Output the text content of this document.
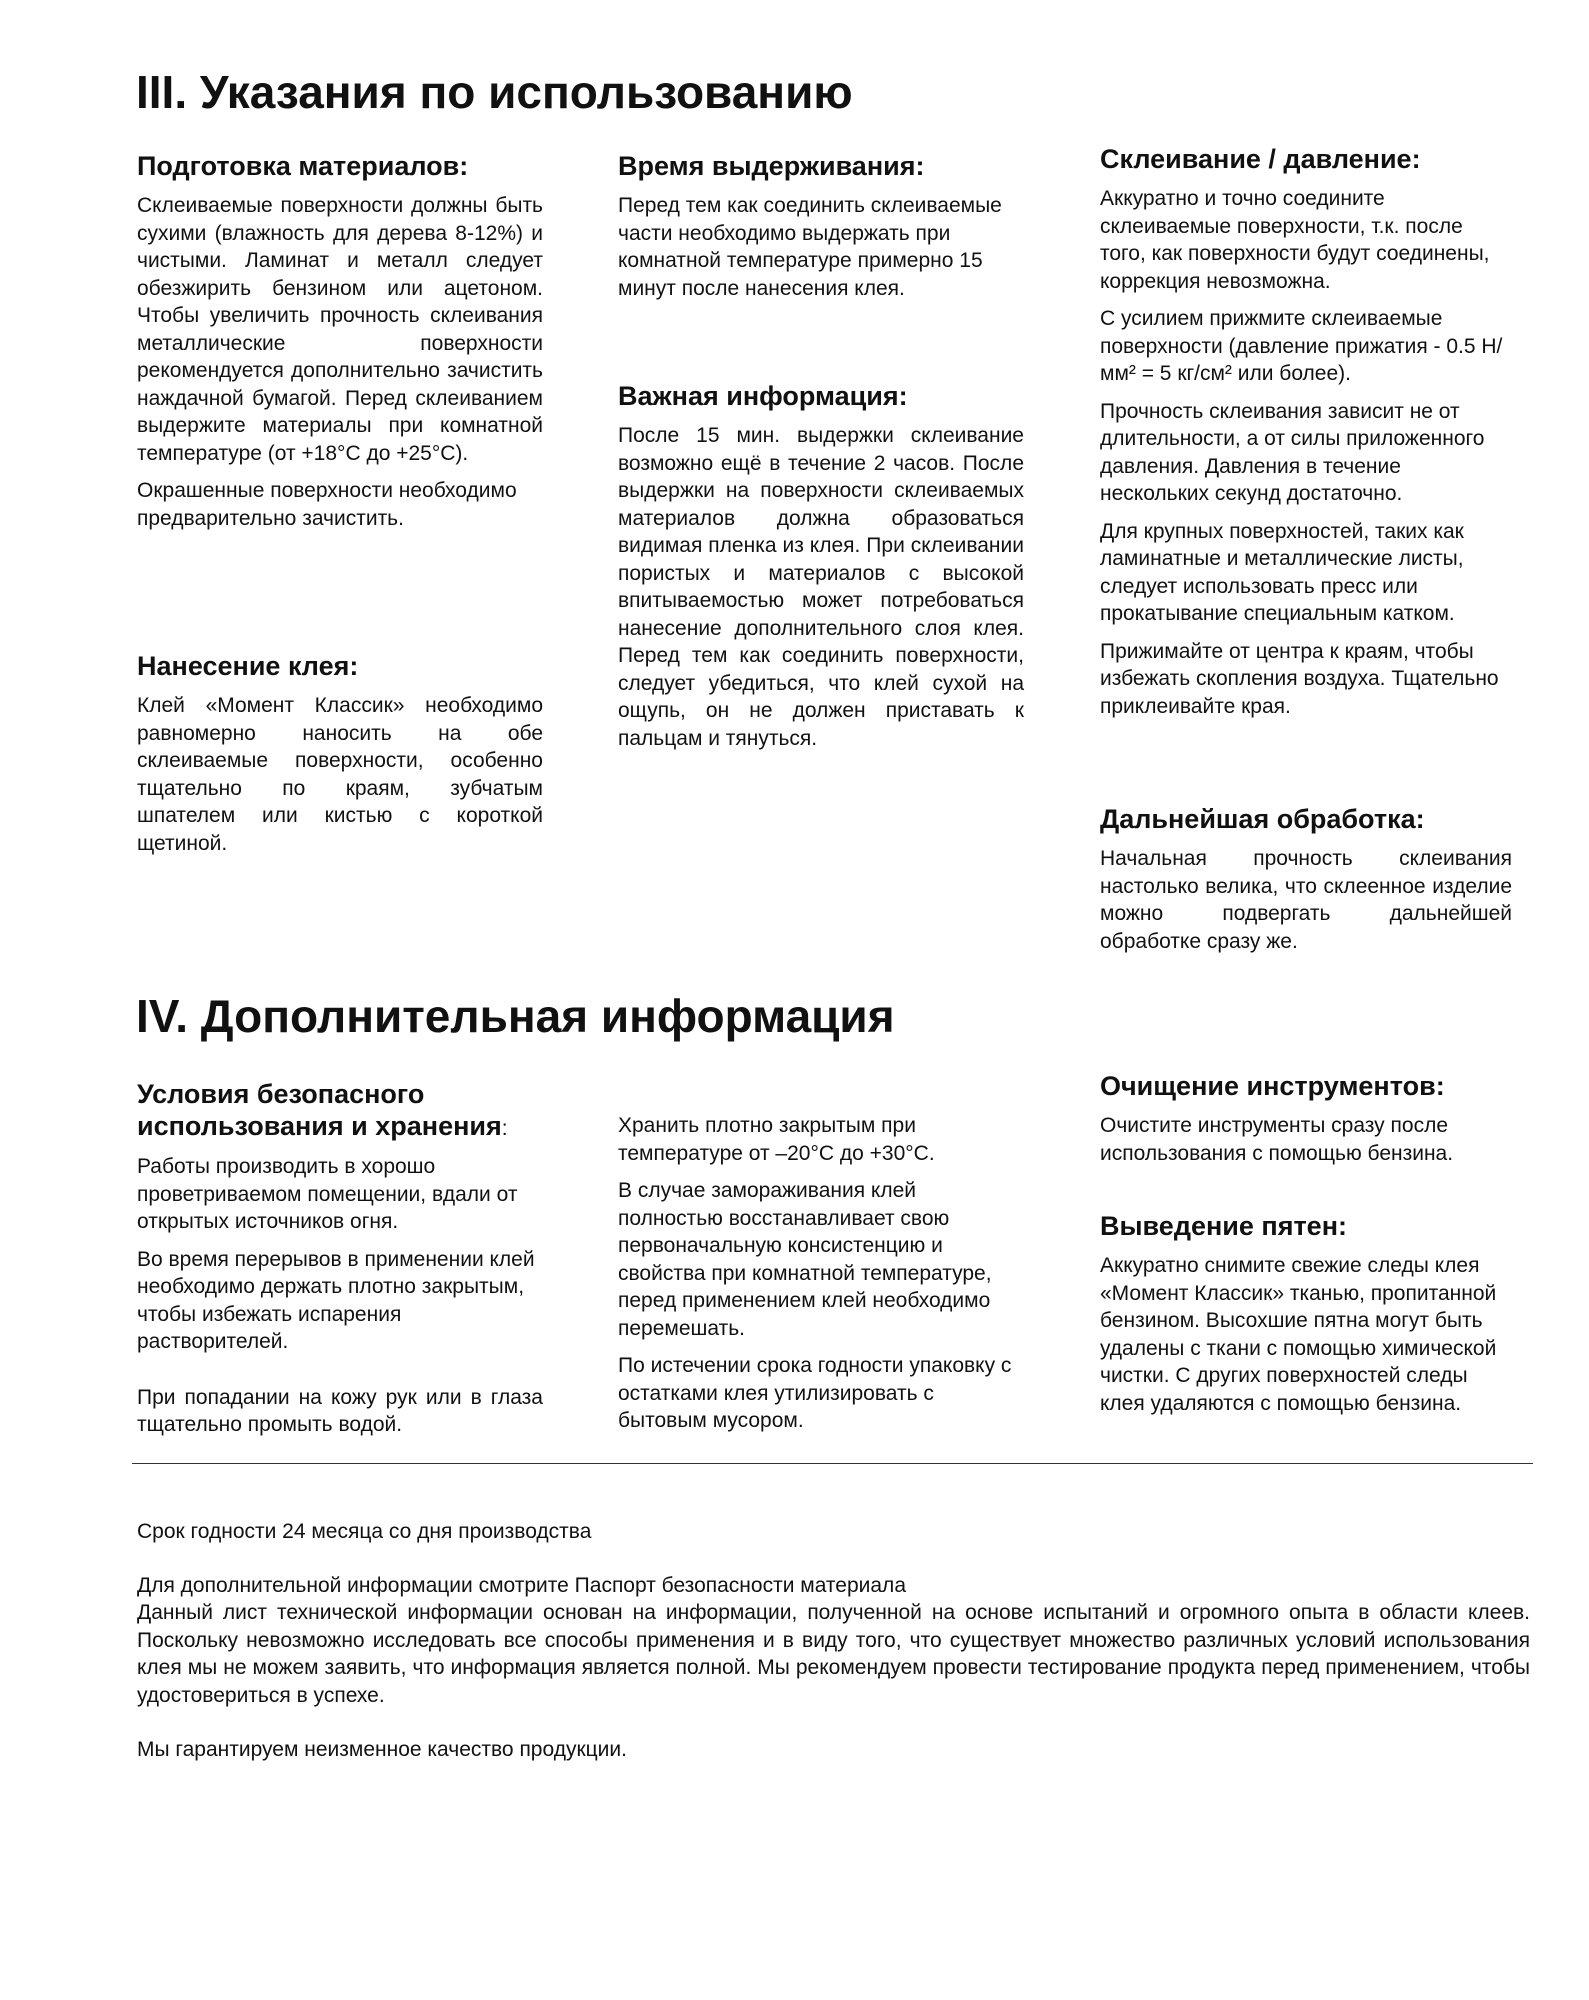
III. Указания по использованию
Подготовка материалов:

Склеиваемые поверхности должны быть сухими (влажность для дерева 8-12%) и чистыми. Ламинат и металл следует обезжирить бензином или ацетоном. Чтобы увеличить прочность склеивания металлические поверхности рекомендуется дополнительно зачистить наждачной бумагой. Перед склеиванием выдержите материалы при комнатной температуре (от +18°C до +25°C).

Окрашенные поверхности необходимо предварительно зачистить.

Нанесение клея:

Клей «Момент Классик» необходимо равномерно наносить на обе склеиваемые поверхности, особенно тщательно по краям, зубчатым шпателем или кистью с короткой щетиной.

Время выдерживания:

Перед тем как соединить склеиваемые части необходимо выдержать при комнатной температуре примерно 15 минут после нанесения клея.

Важная информация:

После 15 мин. выдержки склеивание возможно ещё в течение 2 часов. После выдержки на поверхности склеиваемых материалов должна образоваться видимая пленка из клея. При склеивании пористых и материалов с высокой впитываемостью может потребоваться нанесение дополнительного слоя клея. Перед тем как соединить поверхности, следует убедиться, что клей сухой на ощупь, он не должен приставать к пальцам и тянуться.

Склеивание / давление:

Аккуратно и точно соедините склеиваемые поверхности, т.к. после того, как поверхности будут соединены, коррекция невозможна.

С усилием прижмите склеиваемые поверхности (давление прижатия - 0.5 Н/мм² = 5 кг/см² или более).

Прочность склеивания зависит не от длительности, а от силы приложенного давления. Давления в течение нескольких секунд достаточно.

Для крупных поверхностей, таких как ламинатные и металлические листы, следует использовать пресс или прокатывание специальным катком.

Прижимайте от центра к краям, чтобы избежать скопления воздуха. Тщательно приклеивайте края.

Дальнейшая обработка:

Начальная прочность склеивания настолько велика, что склеенное изделие можно подвергать дальнейшей обработке сразу же.

IV. Дополнительная информация
Условия безопасного
использования и хранения:

Работы производить в хорошо проветриваемом помещении, вдали от открытых источников огня.

Во время перерывов в применении клей необходимо держать плотно закрытым, чтобы избежать испарения растворителей.

При попадании на кожу рук или в глаза тщательно промыть водой.

Хранить плотно закрытым при температуре от –20°C до +30°C.

В случае замораживания клей полностью восстанавливает свою первоначальную консистенцию и свойства при комнатной температуре, перед применением клей необходимо перемешать.

По истечении срока годности упаковку с остатками клея утилизировать с бытовым мусором.

Очищение инструментов:

Очистите инструменты сразу после использования с помощью бензина.

Выведение пятен:

Аккуратно снимите свежие следы клея «Момент Классик» тканью, пропитанной бензином. Высохшие пятна могут быть удалены с ткани с помощью химической чистки. С других поверхностей следы клея удаляются с помощью бензина.

Срок годности 24 месяца со дня производства

Для дополнительной информации смотрите Паспорт безопасности материала

Данный лист технической информации основан на информации, полученной на основе испытаний и огромного опыта в области клеев. Поскольку невозможно исследовать все способы применения и в виду того, что существует множество различных условий использования клея мы не можем заявить, что информация является полной. Мы рекомендуем провести тестирование продукта перед применением, чтобы удостовериться в успехе.

Мы гарантируем неизменное качество продукции.
